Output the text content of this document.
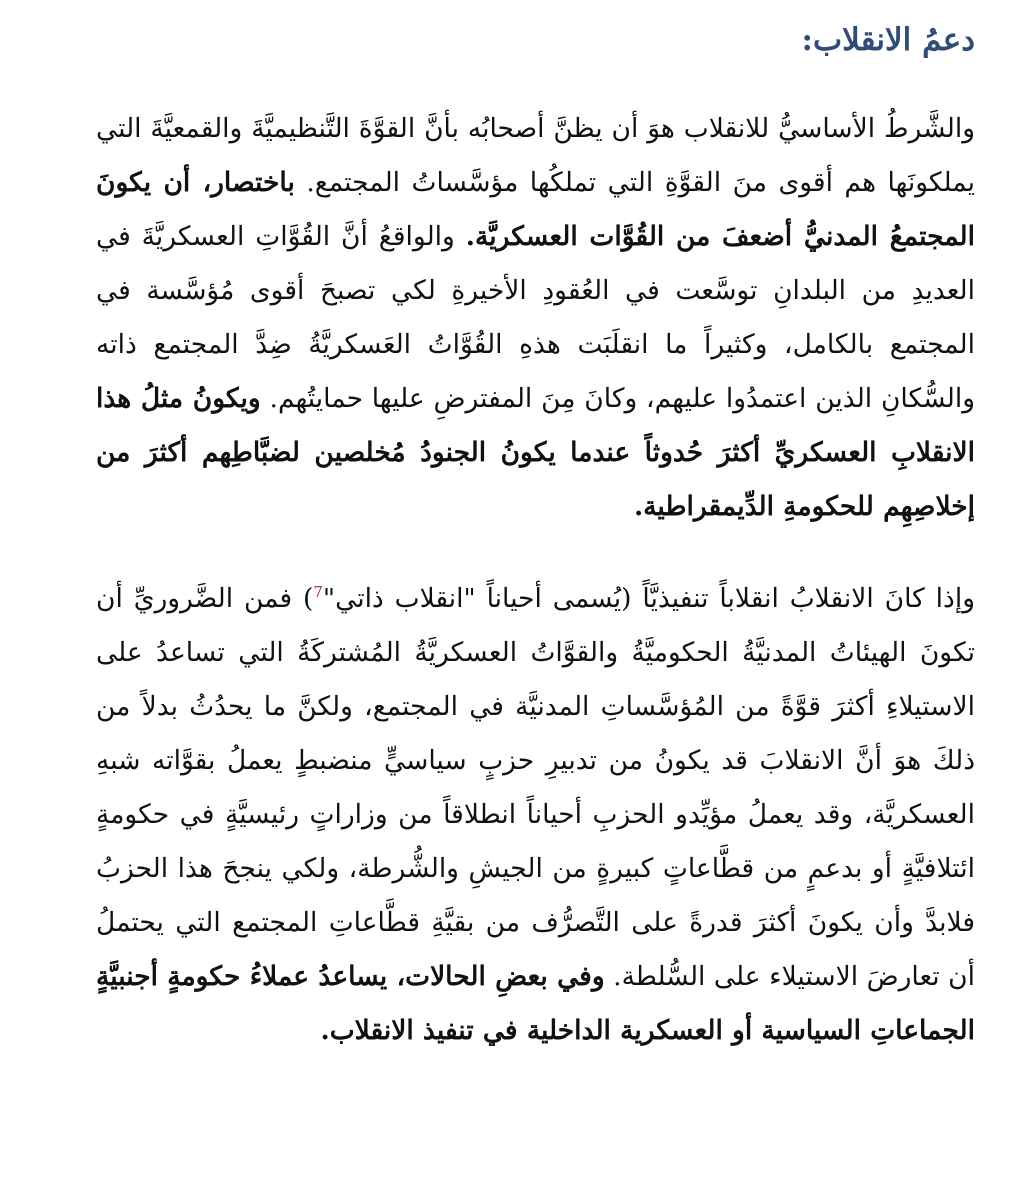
دعمُ الانقلاب:

والشَّرطُ الأساسيُّ للانقلاب هوَ أن يظنَّ أصحابُه بأنَّ القوَّةَ التَّنظيميَّةَ والقمعيَّةَ التي يملكونَها هم أقوى منَ القوَّةِ التي تملكُها مؤسَّساتُ المجتمع. باختصار، أن يكونَ المجتمعُ المدنيُّ أضعفَ من القُوَّات العسكريَّة. والواقعُ أنَّ القُوَّاتِ العسكريَّةَ في العديدِ من البلدانِ توسَّعت في العُقودِ الأخيرةِ لكي تصبحَ أقوى مُؤسَّسة في المجتمع بالكامل، وكثيراً ما انقلَبَت هذهِ القُوَّاتُ العَسكريَّةُ ضِدَّ المجتمع ذاته والسُّكانِ الذين اعتمدُوا عليهم، وكانَ مِنَ المفترضِ عليها حمايتُهم. ويكونُ مثلُ هذا الانقلابِ العسكريِّ أكثرَ حُدوثاً عندما يكونُ الجنودُ مُخلصين لضبَّاطِهم أكثرَ من إخلاصِهِم للحكومةِ الدِّيمقراطية.

وإذا كانَ الانقلابُ انقلاباً تنفيذيَّاً (يُسمى أحياناً "انقلاب ذاتي"$^7$) فمن الضَّروريِّ أن تكونَ الهيئاتُ المدنيَّةُ الحكوميَّةُ والقوَّاتُ العسكريَّةُ المُشتركَةُ التي تساعدُ على الاستيلاءِ أكثرَ قوَّةً من المُؤسَّساتِ المدنيَّة في المجتمع، ولكنَّ ما يحدُثُ بدلاً من ذلكَ هوَ أنَّ الانقلابَ قد يكونُ من تدبيرِ حزبٍ سياسيٍّ منضبطٍ يعملُ بقوَّاته شبهِ العسكريَّة، وقد يعملُ مؤيِّدو الحزبِ أحياناً انطلاقاً من وزاراتٍ رئيسيَّةٍ في حكومةٍ ائتلافيَّةٍ أو بدعمٍ من قطَّاعاتٍ كبيرةٍ من الجيشِ والشُّرطة، ولكي ينجحَ هذا الحزبُ فلابدَّ وأن يكونَ أكثرَ قدرةً على التَّصرُّف من بقيَّةِ قطَّاعاتِ المجتمع التي يحتملُ أن تعارضَ الاستيلاء على السُّلطة. وفي بعضِ الحالات، يساعدُ عملاءُ حكومةٍ أجنبيَّةٍ الجماعاتِ السياسية أو العسكرية الداخلية في تنفيذ الانقلاب.
